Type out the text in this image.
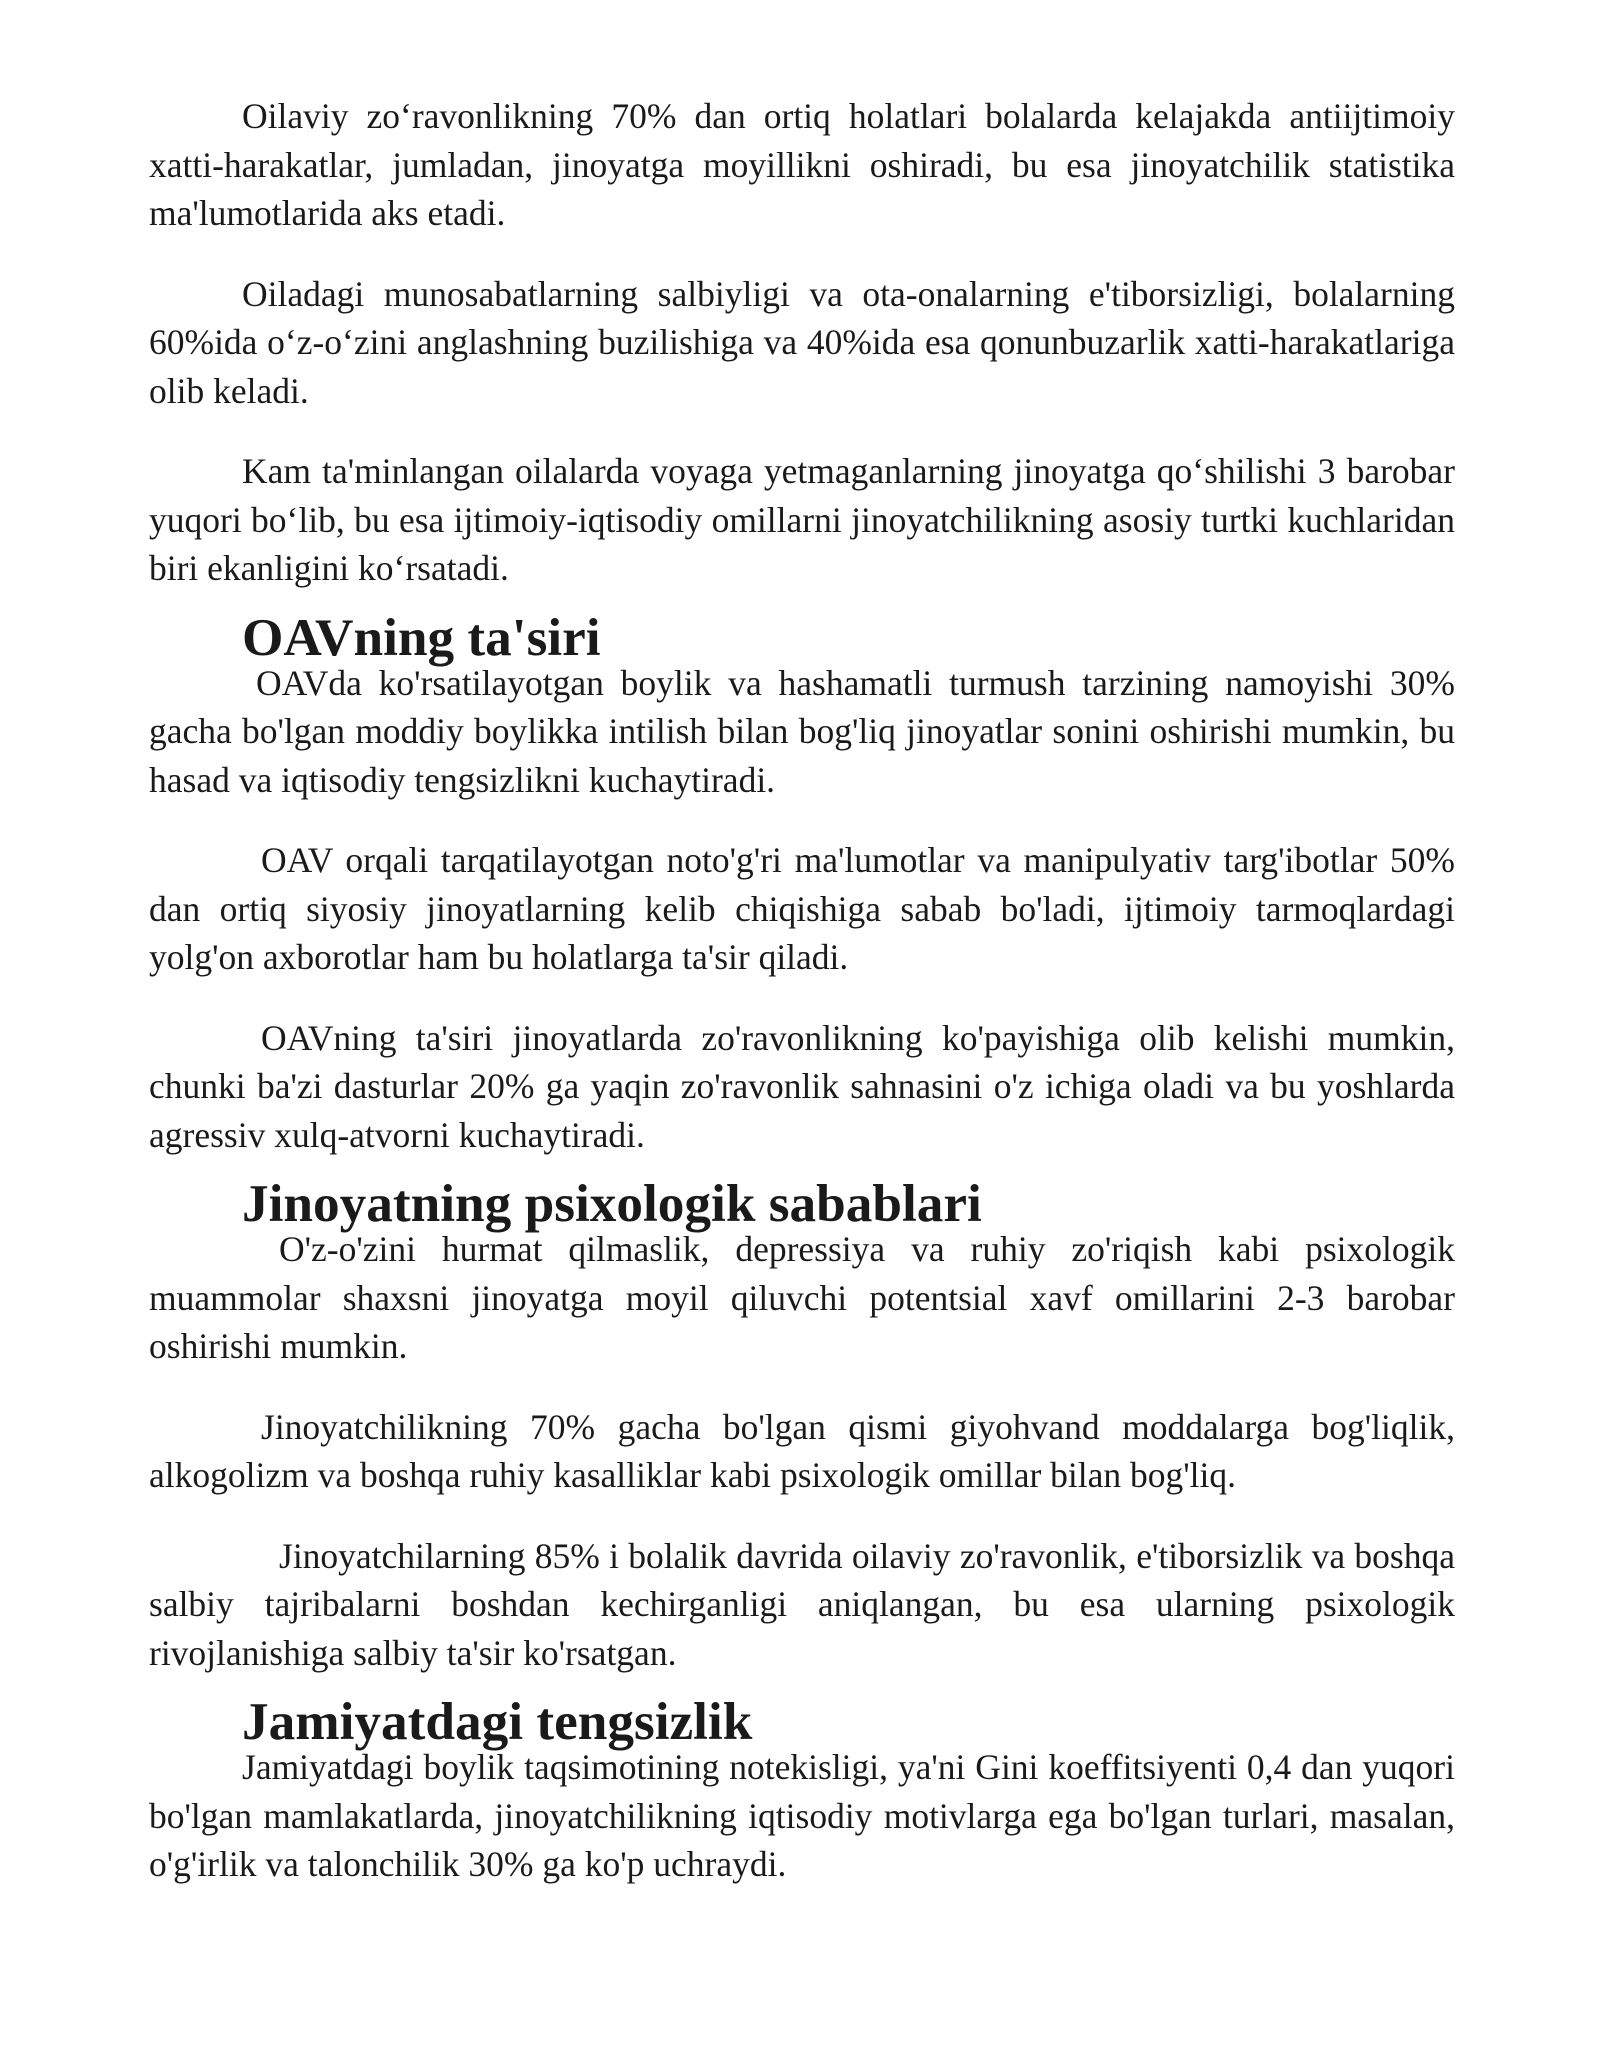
Oilaviy zo‘ravonlikning 70% dan ortiq holatlari bolalarda kelajakda antiijtimoiy xatti-harakatlar, jumladan, jinoyatga moyillikni oshiradi, bu esa jinoyatchilik statistika ma'lumotlarida aks etadi.

Oiladagi munosabatlarning salbiyligi va ota-onalarning e'tiborsizligi, bolalarning 60%ida o‘z-o‘zini anglashning buzilishiga va 40%ida esa qonunbuzarlik xatti-harakatlariga olib keladi.

Kam ta'minlangan oilalarda voyaga yetmaganlarning jinoyatga qo‘shilishi 3 barobar yuqori bo‘lib, bu esa ijtimoiy-iqtisodiy omillarni jinoyatchilikning asosiy turtki kuchlaridan biri ekanligini ko‘rsatadi.

OAVning ta'siri

OAVda ko'rsatilayotgan boylik va hashamatli turmush tarzining namoyishi 30% gacha bo'lgan moddiy boylikka intilish bilan bog'liq jinoyatlar sonini oshirishi mumkin, bu hasad va iqtisodiy tengsizlikni kuchaytiradi.

OAV orqali tarqatilayotgan noto'g'ri ma'lumotlar va manipulyativ targ'ibotlar 50% dan ortiq siyosiy jinoyatlarning kelib chiqishiga sabab bo'ladi, ijtimoiy tarmoqlardagi yolg'on axborotlar ham bu holatlarga ta'sir qiladi.

OAVning ta'siri jinoyatlarda zo'ravonlikning ko'payishiga olib kelishi mumkin, chunki ba'zi dasturlar 20% ga yaqin zo'ravonlik sahnasini o'z ichiga oladi va bu yoshlarda agressiv xulq-atvorni kuchaytiradi.

Jinoyatning psixologik sabablari

O'z-o'zini hurmat qilmaslik, depressiya va ruhiy zo'riqish kabi psixologik muammolar shaxsni jinoyatga moyil qiluvchi potentsial xavf omillarini 2-3 barobar oshirishi mumkin.

Jinoyatchilikning 70% gacha bo'lgan qismi giyohvand moddalarga bog'liqlik, alkogolizm va boshqa ruhiy kasalliklar kabi psixologik omillar bilan bog'liq.

Jinoyatchilarning 85% i bolalik davrida oilaviy zo'ravonlik, e'tiborsizlik va boshqa salbiy tajribalarni boshdan kechirganligi aniqlangan, bu esa ularning psixologik rivojlanishiga salbiy ta'sir ko'rsatgan.

Jamiyatdagi tengsizlik

Jamiyatdagi boylik taqsimotining notekisligi, ya'ni Gini koeffitsiyenti 0,4 dan yuqori bo'lgan mamlakatlarda, jinoyatchilikning iqtisodiy motivlarga ega bo'lgan turlari, masalan, o'g'irlik va talonchilik 30% ga ko'p uchraydi.
